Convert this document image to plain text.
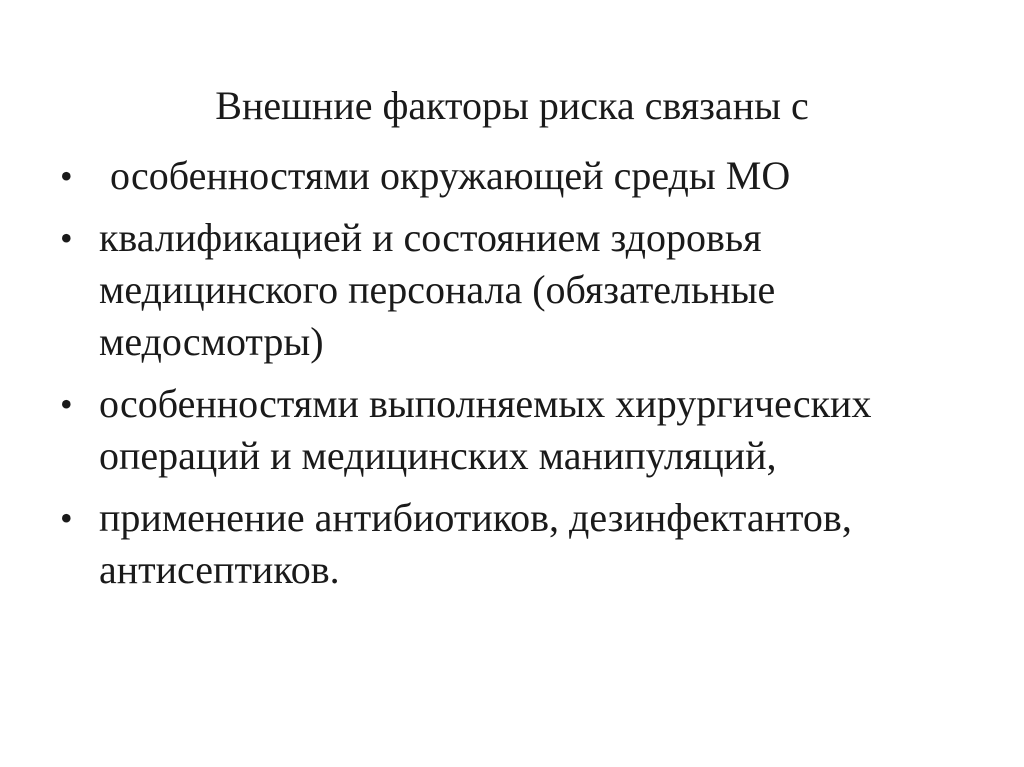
Внешние факторы риска связаны с
• особенностями окружающей среды МО
• квалификацией и состоянием здоровья медицинского персонала (обязательные медосмотры)
• особенностями выполняемых хирургических операций и медицинских манипуляций,
• применение антибиотиков, дезинфектантов, антисептиков.
